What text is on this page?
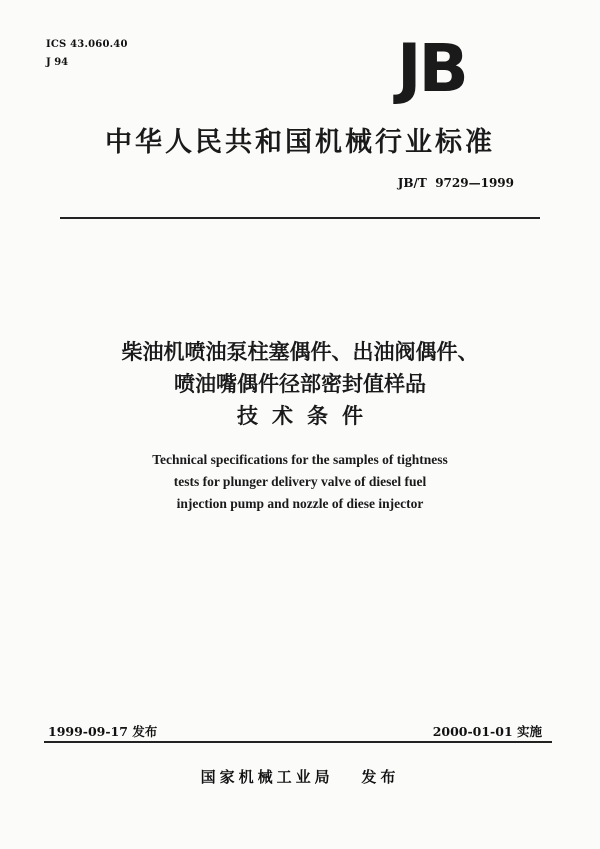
ICS 43.060.40
J 94	JB
中华人民共和国机械行业标准
JB/T  9729—1999
柴油机喷油泵柱塞偶件、出油阀偶件、
喷油嘴偶件径部密封值样品
技术条件
Technical specifications for the samples of tightness
tests for plunger delivery valve of diesel fuel
injection pump and nozzle of diese injector
1999-09-17 发布	2000-01-01 实施
国家机械工业局   发布
